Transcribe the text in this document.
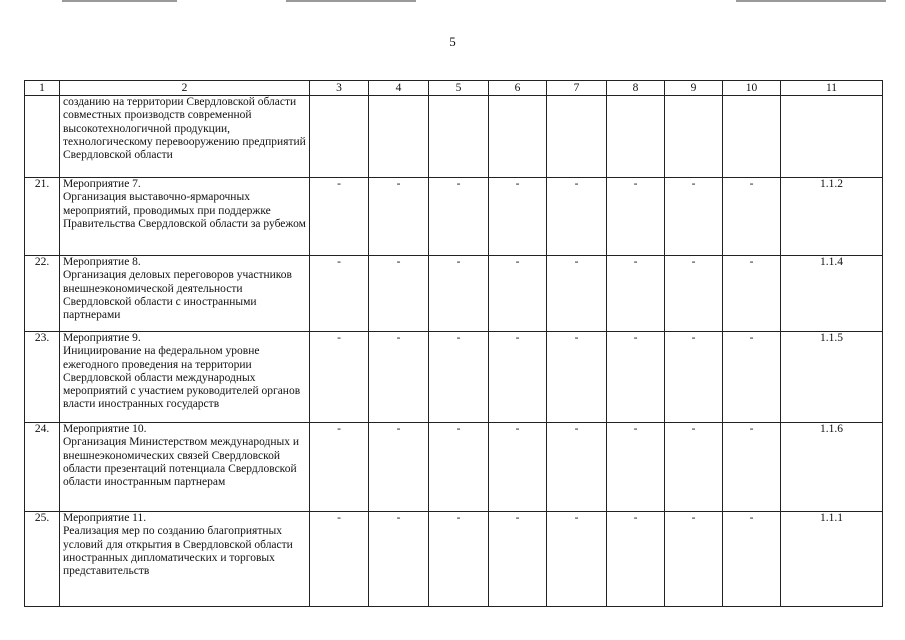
5
1	2	3	4	5	6	7	8	9	10	11
	созданию на территории Свердловской области совместных производств современной высокотехнологичной продукции, технологическому перевооружению предприятий Свердловской области									
21.	Мероприятие 7.
Организация выставочно-ярмарочных мероприятий, проводимых при поддержке Правительства Свердловской области за рубежом	-	-	-	-	-	-	-	-	1.1.2
22.	Мероприятие 8.
Организация деловых переговоров участников внешнеэкономической деятельности Свердловской области с иностранными партнерами	-	-	-	-	-	-	-	-	1.1.4
23.	Мероприятие 9.
Инициирование на федеральном уровне ежегодного проведения на территории Свердловской области международных мероприятий с участием руководителей органов власти иностранных государств	-	-	-	-	-	-	-	-	1.1.5
24.	Мероприятие 10.
Организация Министерством международных и внешнеэкономических связей Свердловской области презентаций потенциала Свердловской области иностранным партнерам	-	-	-	-	-	-	-	-	1.1.6
25.	Мероприятие 11.
Реализация мер по созданию благоприятных условий для открытия в Свердловской области иностранных дипломатических и торговых представительств	-	-	-	-	-	-	-	-	1.1.1
